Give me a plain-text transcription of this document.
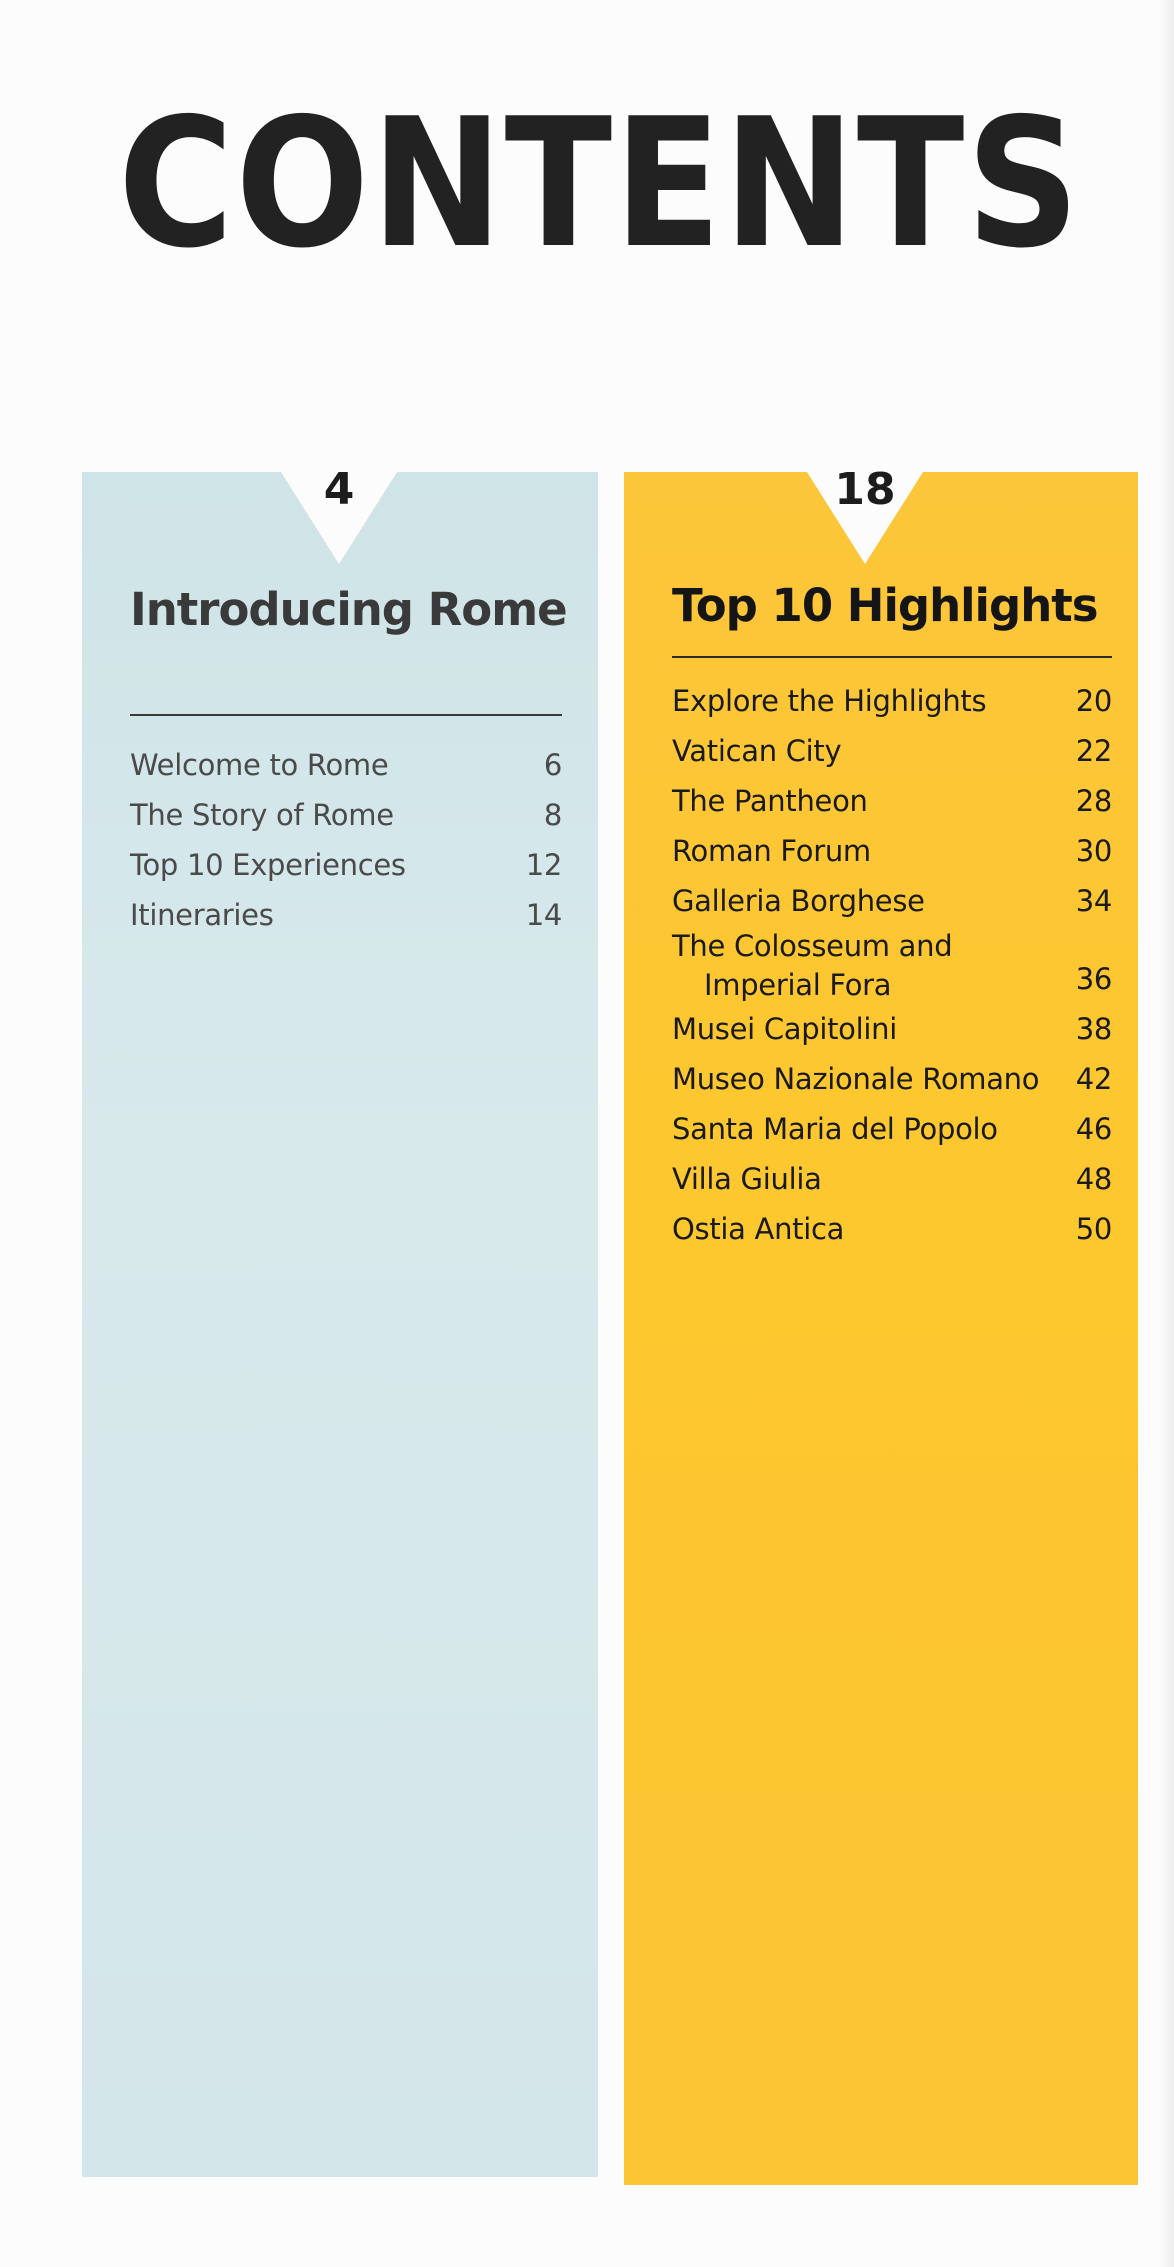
CONTENTS
4
Introducing Rome
Welcome to Rome	6
The Story of Rome	8
Top 10 Experiences	12
Itineraries	14
18
Top 10 Highlights
Explore the Highlights	20
Vatican City	22
The Pantheon	28
Roman Forum	30
Galleria Borghese	34
The Colosseum and
Imperial Fora	36
Musei Capitolini	38
Museo Nazionale Romano	42
Santa Maria del Popolo	46
Villa Giulia	48
Ostia Antica	50
